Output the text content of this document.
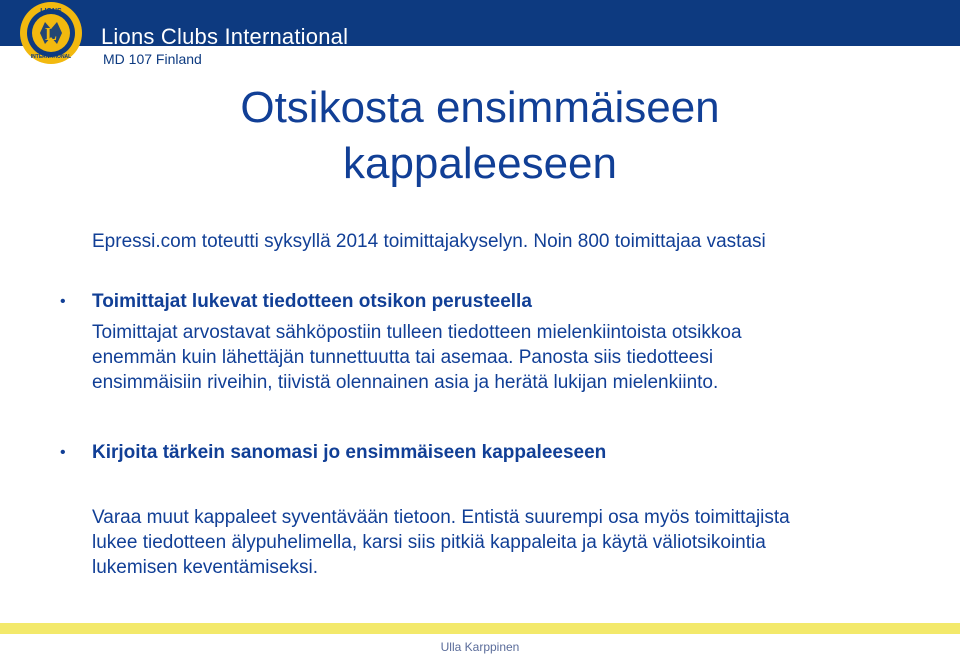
L
LIONS
INTERNATIONAL
Lions Clubs International
MD 107 Finland
Otsikosta ensimmäiseen
kappaleeseen
Epressi.com toteutti syksyllä 2014 toimittajakyselyn. Noin 800 toimittajaa vastasi
• Toimittajat lukevat tiedotteen otsikon perusteella
Toimittajat arvostavat sähköpostiin tulleen tiedotteen mielenkiintoista otsikkoa
enemmän kuin lähettäjän tunnettuutta tai asemaa. Panosta siis tiedotteesi
ensimmäisiin riveihin, tiivistä olennainen asia ja herätä lukijan mielenkiinto.
• Kirjoita tärkein sanomasi jo ensimmäiseen kappaleeseen
Varaa muut kappaleet syventävään tietoon. Entistä suurempi osa myös toimittajista
lukee tiedotteen älypuhelimella, karsi siis pitkiä kappaleita ja käytä väliotsikointia
lukemisen keventämiseksi.
Ulla Karppinen
